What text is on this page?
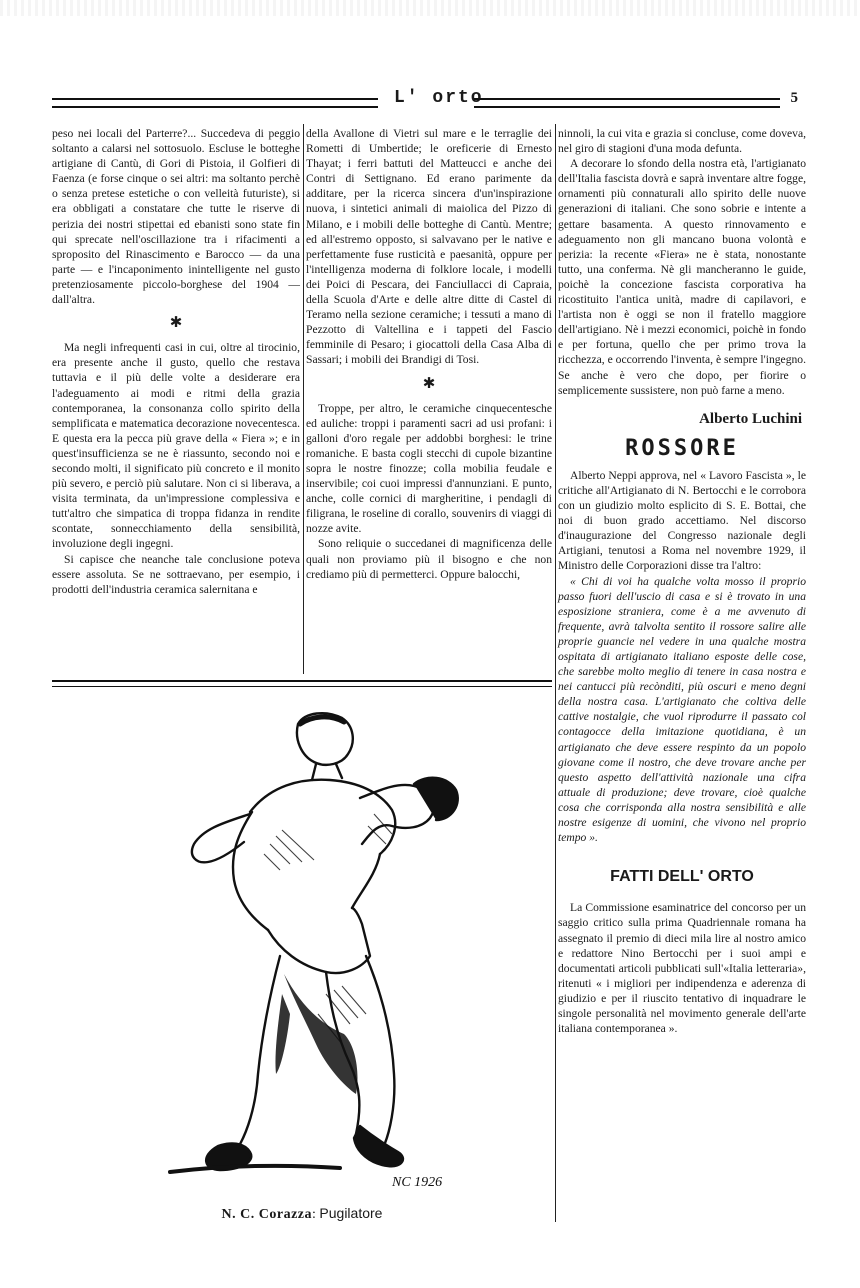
L' orto	5

peso nei locali del Parterre?... Succedeva di peggio soltanto a calarsi nel sottosuolo. Escluse le botteghe artigiane di Cantù, di Gori di Pistoia, il Golfieri di Faenza (e forse cinque o sei altri: ma soltanto perchè o senza pretese estetiche o con velleità futuriste), si era obbligati a constatare che tutte le riserve di perizia dei nostri stipettai ed ebanisti sono state fin qui sprecate nell'oscillazione tra i rifacimenti a sproposito del Rinascimento e Barocco — da una parte — e l'incaponimento inintelligente nel gusto pretenziosamente piccolo-borghese del 1904 — dall'altra.

✱

Ma negli infrequenti casi in cui, oltre al tirocinio, era presente anche il gusto, quello che restava tuttavia e il più delle volte a desiderare era l'adeguamento ai modi e ritmi della grazia contemporanea, la consonanza collo spirito della semplificata e matematica decorazione novecentesca. E questa era la pecca più grave della « Fiera »; e in quest'insufficienza se ne è riassunto, secondo noi e secondo molti, il significato più concreto e il monito più severo, e perciò più salutare. Non ci si liberava, a visita terminata, da un'impressione complessiva e tutt'altro che simpatica di troppa fidanza in rendite scontate, sonnecchiamento della sensibilità, involuzione degli ingegni.

Si capisce che neanche tale conclusione poteva essere assoluta. Se ne sottraevano, per esempio, i prodotti dell'industria ceramica salernitana e

della Avallone di Vietri sul mare e le terraglie dei Rometti di Umbertide; le oreficerie di Ernesto Thayat; i ferri battuti del Matteucci e anche dei Contri di Settignano. Ed erano parimente da additare, per la ricerca sincera d'un'inspirazione nuova, i sintetici animali di maiolica del Pizzo di Milano, e i mobili delle botteghe di Cantù. Mentre; ed all'estremo opposto, si salvavano per le native e perfettamente fuse rusticità e paesanità, oppure per l'intelligenza moderna di folklore locale, i modelli dei Poici di Pescara, dei Fanciullacci di Capraia, della Scuola d'Arte e delle altre ditte di Castel di Teramo nella sezione ceramiche; i tessuti a mano di Pezzotto di Valtellina e i tappeti del Fascio femminile di Pesaro; i giocattoli della Casa Alba di Sassari; i mobili dei Brandigi di Tosi.

✱

Troppe, per altro, le ceramiche cinquecentesche ed auliche: troppi i paramenti sacri ad usi profani: i galloni d'oro regale per addobbi borghesi: le trine romaniche. E basta cogli stecchi di cupole bizantine sopra le nostre finozze; colla mobilia feudale e inservibile; coi cuoi impressi d'annunziani. E punto, anche, colle cornici di margheritine, i pendagli di filigrana, le roseline di corallo, souvenirs di viaggi di nozze avite.

Sono reliquie o succedanei di magnificenza delle quali non proviamo più il bisogno e che non crediamo più di permetterci. Oppure balocchi,

ninnoli, la cui vita e grazia si concluse, come doveva, nel giro di stagioni d'una moda defunta.

A decorare lo sfondo della nostra età, l'artigianato dell'Italia fascista dovrà e saprà inventare altre fogge, ornamenti più connaturali allo spirito delle nuove generazioni di italiani. Che sono sobrie e intente a gettare basamenta. A questo rinnovamento e adeguamento non gli mancano buona volontà e perizia: la recente «Fiera» ne è stata, nonostante tutto, una conferma. Nè gli mancheranno le guide, poichè la concezione fascista corporativa ha ricostituito l'antica unità, madre di capilavori, e l'artista non è oggi se non il fratello maggiore dell'artigiano. Nè i mezzi economici, poichè in fondo e per fortuna, quello che per primo trova la ricchezza, e occorrendo l'inventa, è sempre l'ingegno. Se anche è vero che dopo, per fiorire o semplicemente sussistere, non può farne a meno.

Alberto Luchini
ROSSORE

Alberto Neppi approva, nel « Lavoro Fascista », le critiche all'Artigianato di N. Bertocchi e le corrobora con un giudizio molto esplicito di S. E. Bottai, che noi di buon grado accettiamo. Nel discorso d'inaugurazione del Congresso nazionale degli Artigiani, tenutosi a Roma nel novembre 1929, il Ministro delle Corporazioni disse tra l'altro:

« Chi di voi ha qualche volta mosso il proprio passo fuori dell'uscio di casa e si è trovato in una esposizione straniera, come è a me avvenuto di frequente, avrà talvolta sentito il rossore salire alle proprie guancie nel vedere in una qualche mostra ospitata di artigianato italiano esposte delle cose, che sarebbe molto meglio di tenere in casa nostra e nei cantucci più recònditi, più oscuri e meno degni della nostra casa. L'artigianato che coltiva delle cattive nostalgie, che vuol riprodurre il passato col contagocce della imitazione quotidiana, è un artigianato che deve essere respinto da un popolo giovane come il nostro, che deve trovare anche per questo aspetto dell'attività nazionale una cifra attuale di produzione; deve trovare, cioè qualche cosa che corrisponda alla nostra sensibilità e alle nostre esigenze di uomini, che vivono nel proprio tempo ».

FATTI DELL' ORTO

La Commissione esaminatrice del concorso per un saggio critico sulla prima Quadriennale romana ha assegnato il premio di dieci mila lire al nostro amico e redattore Nino Bertocchi per i suoi ampi e documentati articoli pubblicati sull'«Italia letteraria», ritenuti « i migliori per indipendenza e aderenza di giudizio e per il riuscito tentativo di inquadrare le singole personalità nel movimento generale dell'arte italiana contemporanea ».

NC 1926
N. C. Corazza: Pugilatore
